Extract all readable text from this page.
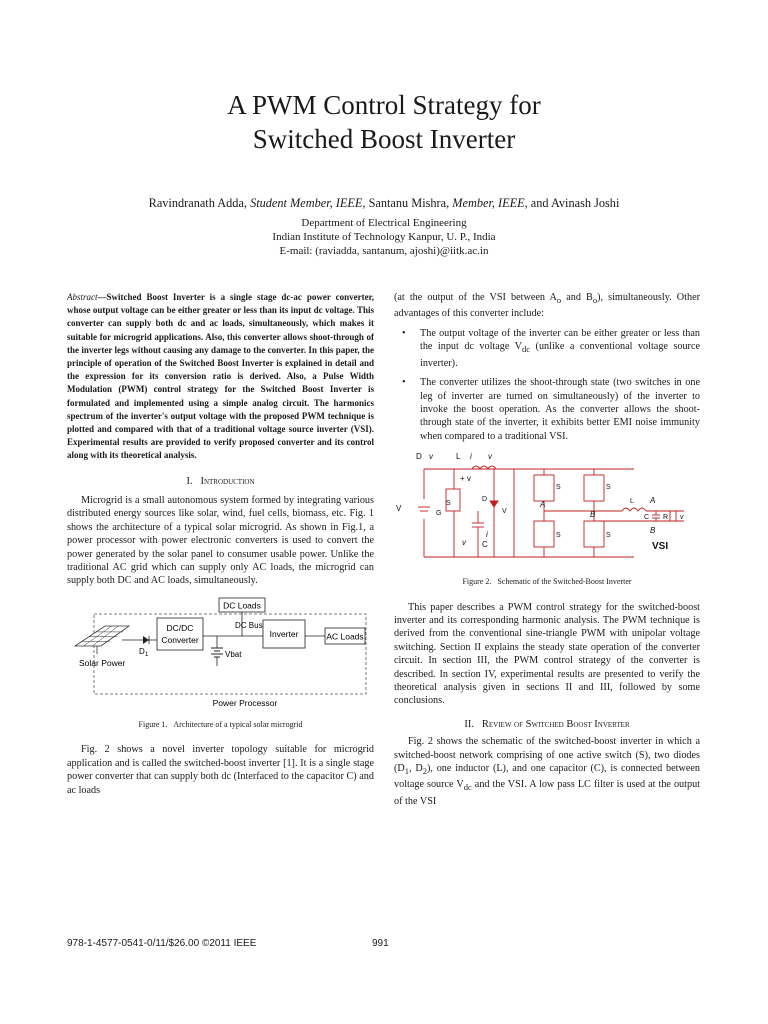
A PWM Control Strategy for
Switched Boost Inverter
Ravindranath Adda, Student Member, IEEE, Santanu Mishra, Member, IEEE, and Avinash Joshi
Department of Electrical Engineering
Indian Institute of Technology Kanpur, U. P., India
E-mail: (raviadda, santanum, ajoshi)@iitk.ac.in
Abstract—Switched Boost Inverter is a single stage dc-ac power converter, whose output voltage can be either greater or less than its input dc voltage. This converter can supply both dc and ac loads, simultaneously, which makes it suitable for microgrid applications. Also, this converter allows shoot-through of the inverter legs without causing any damage to the converter. In this paper, the principle of operation of the Switched Boost Inverter is explained in detail and the expression for its conversion ratio is derived. Also, a Pulse Width Modulation (PWM) control strategy for the Switched Boost Inverter is formulated and implemented using a simple analog circuit. The harmonics spectrum of the inverter's output voltage with the proposed PWM technique is plotted and compared with that of a traditional voltage source inverter (VSI). Experimental results are provided to verify proposed converter and its control along with its theoretical analysis.
I. Introduction

Microgrid is a small autonomous system formed by integrating various distributed energy sources like solar, wind, fuel cells, biomass, etc. Fig. 1 shows the architecture of a typical solar microgrid. As shown in Fig.1, a power processor with power electronic converters is used to convert the power generated by the solar panel to consumer usable power. Unlike the traditional AC grid which can supply only AC loads, the microgrid can supply both DC and AC loads, simultaneously.

DC Loads
Solar Power
D 1
DC/DC
Converter
DC Bus
Vbat
Inverter	AC Loads
Power Processor
Figure 1. Architecture of a typical solar microgrid

Fig. 2 shows a novel inverter topology suitable for microgrid application and is called the switched-boost inverter [1]. It is a single stage power converter that can supply both dc (Interfaced to the capacitor C) and ac loads

(at the output of the VSI between $A_o$ and $B_o$), simultaneously. Other advantages of this converter include:

• The output voltage of the inverter can be either greater or less than the input dc voltage $V_{dc}$ (unlike a conventional voltage source inverter).
• The converter utilizes the shoot-through state (two switches in one leg of inverter are turned on simultaneously) of the inverter to invoke the boost operation. As the converter allows the shoot-through state of the inverter, it exhibits better EMI noise immunity when compared to a traditional VSI.
D v	L i v
+ v
S
G
D
V	V
i
v C
A
B
S	S
S	S
L A
B
C R v
VSI
Figure 2. Schematic of the Switched-Boost Inverter

This paper describes a PWM control strategy for the switched-boost inverter and its corresponding harmonic analysis. The PWM technique is derived from the conventional sine-triangle PWM with unipolar voltage switching. Section II explains the steady state operation of the converter circuit. In section III, the PWM control strategy of the converter is described. In section IV, experimental results are presented to verify the theoretical analysis given in sections II and III, followed by some conclusions.

II. Review of Switched Boost Inverter

Fig. 2 shows the schematic of the switched-boost inverter in which a switched-boost network comprising of one active switch (S), two diodes ($D_1$, $D_2$), one inductor (L), and one capacitor (C), is connected between voltage source $V_{dc}$ and the VSI. A low pass LC filter is used at the output of the VSI

978-1-4577-0541-0/11/$26.00 ©2011 IEEE	991
